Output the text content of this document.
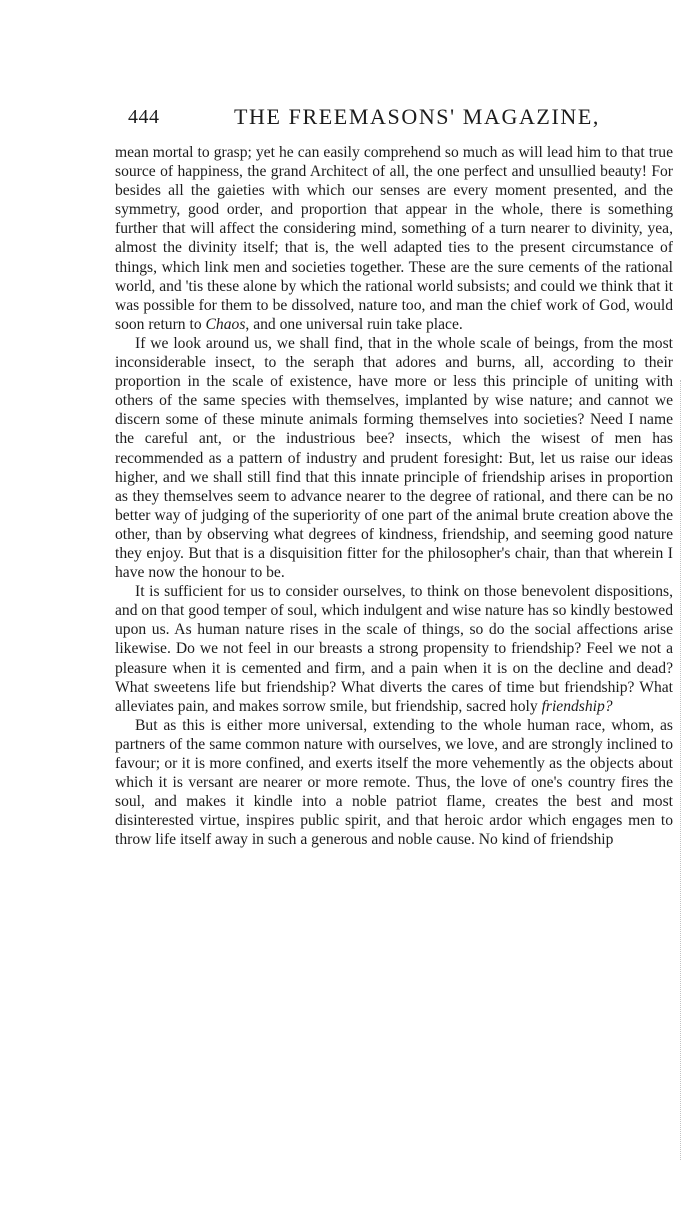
444	THE FREEMASONS' MAGAZINE,

mean mortal to grasp; yet he can easily comprehend so much as will lead him to that true source of happiness, the grand Architect of all, the one perfect and unsullied beauty! For besides all the gaieties with which our senses are every moment presented, and the symmetry, good order, and proportion that appear in the whole, there is something further that will affect the considering mind, something of a turn nearer to divinity, yea, almost the divinity itself; that is, the well adapted ties to the present circumstance of things, which link men and societies together. These are the sure cements of the rational world, and 'tis these alone by which the rational world subsists; and could we think that it was possible for them to be dissolved, nature too, and man the chief work of God, would soon return to Chaos, and one universal ruin take place.

If we look around us, we shall find, that in the whole scale of beings, from the most inconsiderable insect, to the seraph that adores and burns, all, according to their proportion in the scale of existence, have more or less this principle of uniting with others of the same species with themselves, implanted by wise nature; and cannot we discern some of these minute animals forming themselves into societies? Need I name the careful ant, or the industrious bee? insects, which the wisest of men has recommended as a pattern of industry and prudent foresight: But, let us raise our ideas higher, and we shall still find that this innate principle of friendship arises in proportion as they themselves seem to advance nearer to the degree of rational, and there can be no better way of judging of the superiority of one part of the animal brute creation above the other, than by observing what degrees of kindness, friendship, and seeming good nature they enjoy. But that is a disquisition fitter for the philosopher's chair, than that wherein I have now the honour to be.

It is sufficient for us to consider ourselves, to think on those benevolent dispositions, and on that good temper of soul, which indulgent and wise nature has so kindly bestowed upon us. As human nature rises in the scale of things, so do the social affections arise likewise. Do we not feel in our breasts a strong propensity to friendship? Feel we not a pleasure when it is cemented and firm, and a pain when it is on the decline and dead? What sweetens life but friendship? What diverts the cares of time but friendship? What alleviates pain, and makes sorrow smile, but friendship, sacred holy friendship?

But as this is either more universal, extending to the whole human race, whom, as partners of the same common nature with ourselves, we love, and are strongly inclined to favour; or it is more confined, and exerts itself the more vehemently as the objects about which it is versant are nearer or more remote. Thus, the love of one's country fires the soul, and makes it kindle into a noble patriot flame, creates the best and most disinterested virtue, inspires public spirit, and that heroic ardor which engages men to throw life itself away in such a generous and noble cause. No kind of friendship
